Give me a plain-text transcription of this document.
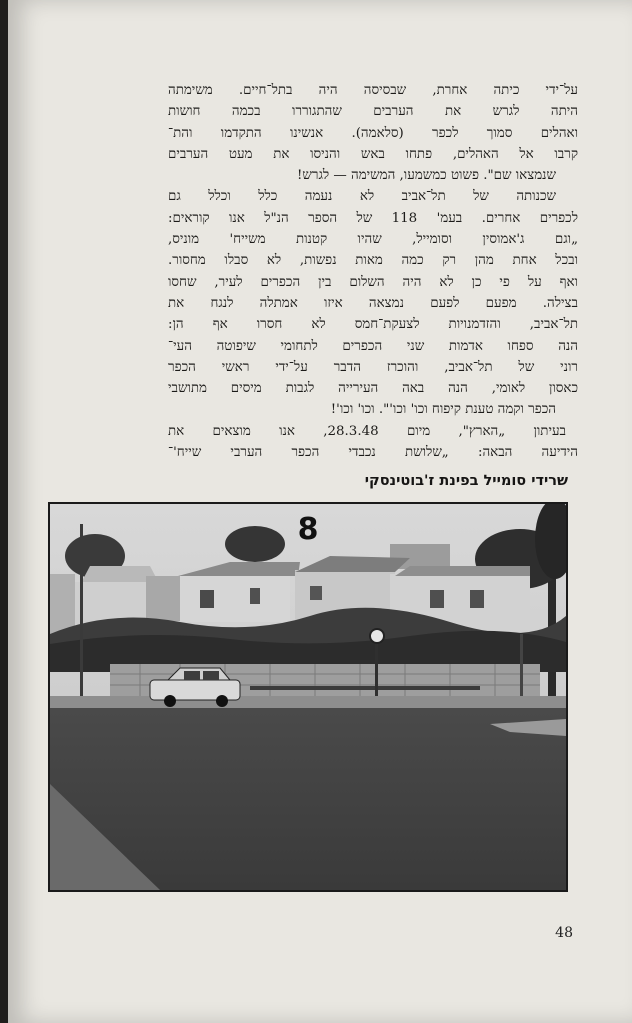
על־ידי כיתה אחרת, שבסיסה היה בתל־חיים. משימתה
היתה לגרש את הערבים שהתגוררו בכמה חושות
ואהלים סמוך לכפר (סלאמה). אנשינו התקדמו והת־
קרבו אל האהלים, פתחו באש והניסו את מעט הערבים
שנמצאו שם". פשוט כמשמעו, המשימה — לגרש!
שכנותה של תל־אביב לא נעמה כלל וכלל גם
לכפרים אחרים. בעמ' 118 של הספר הנ"ל אנו קוראים:
„וגם ג'אמוסין וסומייל, שהיו קטנות משייח' מוניס,
ובכל אחת מהן רק כמה מאות נפשות, לא סבלו מחסור.
ואף על פי כן לא היה השלום בין הכפרים לעיר, שחסו
בצילה. מפעם לפעם נמצאה איזו אמתלה לנגח את
תל־אביב, והזדמנויות לצעקת־חמס לא חסרו אף הן:
הנה ספחו אדמות שני הכפרים לתחומי שיפוטה העי־
רוני של תל־אביב, והוכרז הדבר על־ידי ראשי הכפר
כאסון לאומי, הנה באה העירייה לגבות מיסים מתושבי
הכפר וקמה טענת קיפוח וכו' וכו'". וכו' וכו'!
בעיתון „הארץ", מיום 28.3.48, אנו מוצאים את
הידיעה הבאה: „שלושת נכבדי הכפר הערבי שייח'־
שרידי סומייל בפינת ז'בוטינסקי
8
48
